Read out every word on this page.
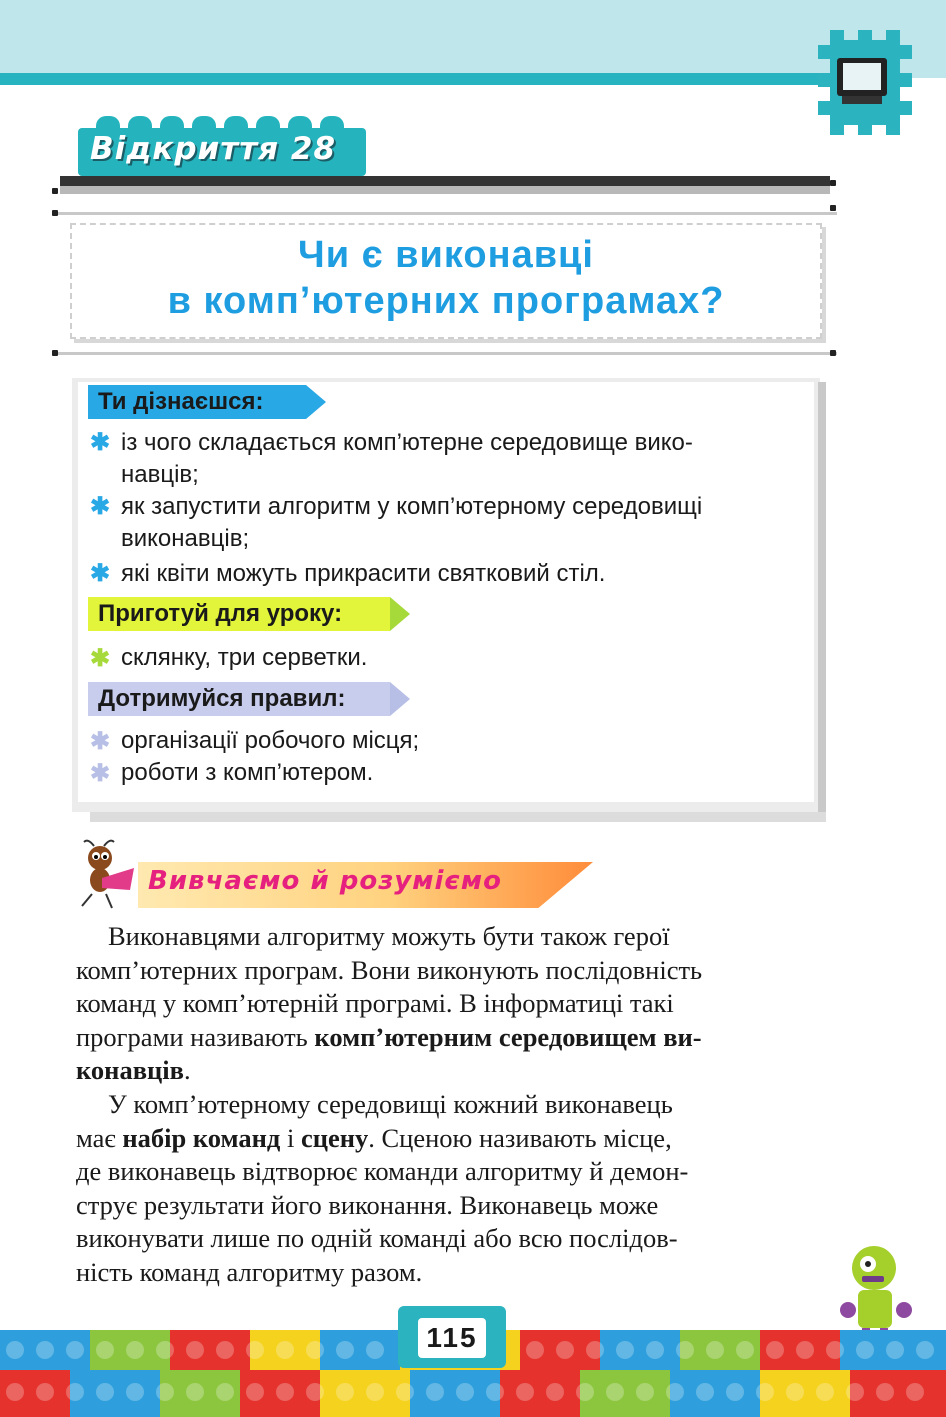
Відкриття 28
Чи є виконавці
в комп’ютерних програмах?
Ти дізнаєшся:
✱ із чого складається комп’ютерне середовище вико-
навців;
✱ як запустити алгоритм у комп’ютерному середовищі
виконавців;
✱ які квіти можуть прикрасити святковий стіл.
Приготуй для уроку:
✱ склянку, три серветки.
Дотримуйся правил:
✱ організації робочого місця;
✱ роботи з комп’ютером.
Вивчаємо й розуміємо
Виконавцями алгоритму можуть бути також герої
комп’ютерних програм. Вони виконують послідовність
команд у комп’ютерній програмі. В інформатиці такі
програми називають комп’ютерним середовищем ви-
конавців.
У комп’ютерному середовищі кожний виконавець
має набір команд і сцену. Сценою називають місце,
де виконавець відтворює команди алгоритму й демон-
струє результати його виконання. Виконавець може
виконувати лише по одній команді або всю послідов-
ність команд алгоритму разом.
115
